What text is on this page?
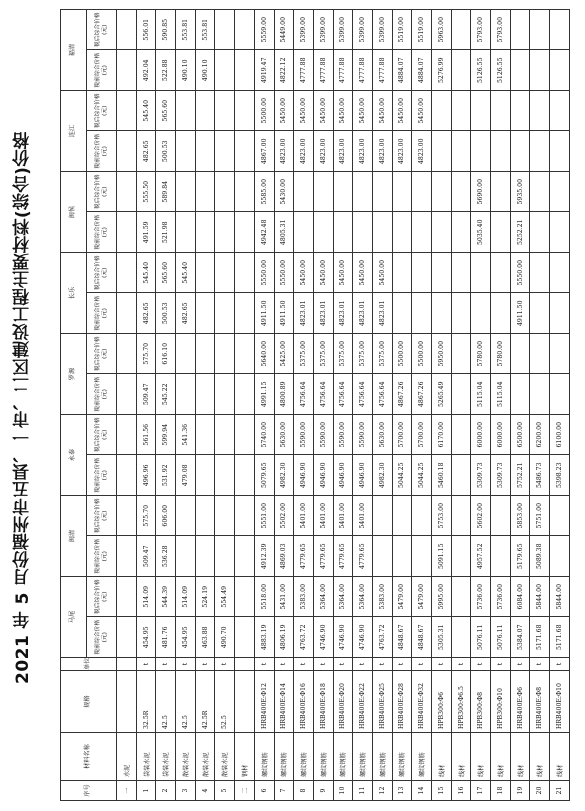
2021 年 5 月份福州市五县、一市、二区建设工程主要材料(综合)价格
序号	材料名称	规格	单位	马尾		闽清		永泰		罗源		长乐		闽侯		连江		福清	
				税前综合价格(元)	税后综合价格(元)	税前综合价格(元)	税后综合价格(元)	税前综合价格(元)	税后综合价格(元)	税前综合价格(元)	税后综合价格(元)	税前综合价格(元)	税后综合价格(元)	税前综合价格(元)	税后综合价格(元)	税前综合价格(元)	税后综合价格(元)	税前综合价格(元)	税后综合价格(元)
一	水泥																		
1	袋装水泥	32.5R	t	454.95	514.09	509.47	575.70	496.96	561.56	509.47	575.70	482.65	545.40	491.59	555.50	482.65	545.40	492.04	556.01
2	袋装水泥	42.5	t	481.76	544.39	536.28	606.00	531.92	599.94	545.22	616.10	500.53	565.60	521.98	589.84	500.53	565.60	522.88	590.85
3	散装水泥	42.5	t	454.95	514.09			479.08	541.36			482.65	545.40					490.10	553.81
4	散装水泥	42.5R	t	463.88	524.19													490.10	553.81
5	散装水泥	52.5	t	490.70	554.49														
二	钢材																		
6	螺纹钢筋	HRB400E:Φ12	t	4883.19	5518.00	4912.39	5551.00	5079.65	5740.00	4991.15	5640.00	4911.50	5550.00	4942.48	5585.00	4867.00	5500.00	4919.47	5559.00
7	螺纹钢筋	HRB400E:Φ14	t	4806.19	5431.00	4869.03	5502.00	4982.30	5630.00	4800.89	5425.00	4911.50	5550.00	4805.31	5430.00	4823.00	5450.00	4822.12	5449.00
8	螺纹钢筋	HRB400E:Φ16	t	4763.72	5383.00	4779.65	5401.00	4946.90	5590.00	4756.64	5375.00	4823.01	5450.00			4823.00	5450.00	4777.88	5399.00
9	螺纹钢筋	HRB400E:Φ18	t	4746.90	5364.00	4779.65	5401.00	4946.90	5590.00	4756.64	5375.00	4823.01	5450.00			4823.00	5450.00	4777.88	5399.00
10	螺纹钢筋	HRB400E:Φ20	t	4746.90	5364.00	4779.65	5401.00	4946.90	5590.00	4756.64	5375.00	4823.01	5450.00			4823.00	5450.00	4777.88	5399.00
11	螺纹钢筋	HRB400E:Φ22	t	4746.90	5364.00	4779.65	5401.00	4946.90	5590.00	4756.64	5375.00	4823.01	5450.00			4823.00	5450.00	4777.88	5399.00
12	螺纹钢筋	HRB400E:Φ25	t	4763.72	5383.00			4982.30	5630.00	4756.64	5375.00	4823.01	5450.00			4823.00	5450.00	4777.88	5399.00
13	螺纹钢筋	HRB400E:Φ28	t	4848.67	5479.00			5044.25	5700.00	4867.26	5500.00					4823.00	5450.00	4884.07	5519.00
14	螺纹钢筋	HRB400E:Φ32	t	4848.67	5479.00			5044.25	5700.00	4867.26	5500.00					4823.00	5450.00	4884.07	5519.00
15	线材	HPB300:Φ6	t	5305.31	5995.00	5091.15	5753.00	5460.18	6170.00	5265.49	5950.00							5276.99	5963.00
16	线材	HPB300:Φ6.5	t																
17	线材	HPB300:Φ8	t	5076.11	5736.00	4957.52	5602.00	5309.73	6000.00	5115.04	5780.00			5035.40	5690.00			5126.55	5793.00
18	线材	HPB300:Φ10	t	5076.11	5736.00			5309.73	6000.00	5115.04	5780.00							5126.55	5793.00
19	线材	HRB400E:Φ6	t	5384.07	6084.00	5179.65	5853.00	5752.21	6500.00			4911.50	5550.00	5252.21	5935.00				
20	线材	HRB400E:Φ8	t	5171.68	5844.00	5089.38	5751.00	5486.73	6200.00										
21	线材	HRB400E:Φ10	t	5171.68	5844.00			5398.23	6100.00										
